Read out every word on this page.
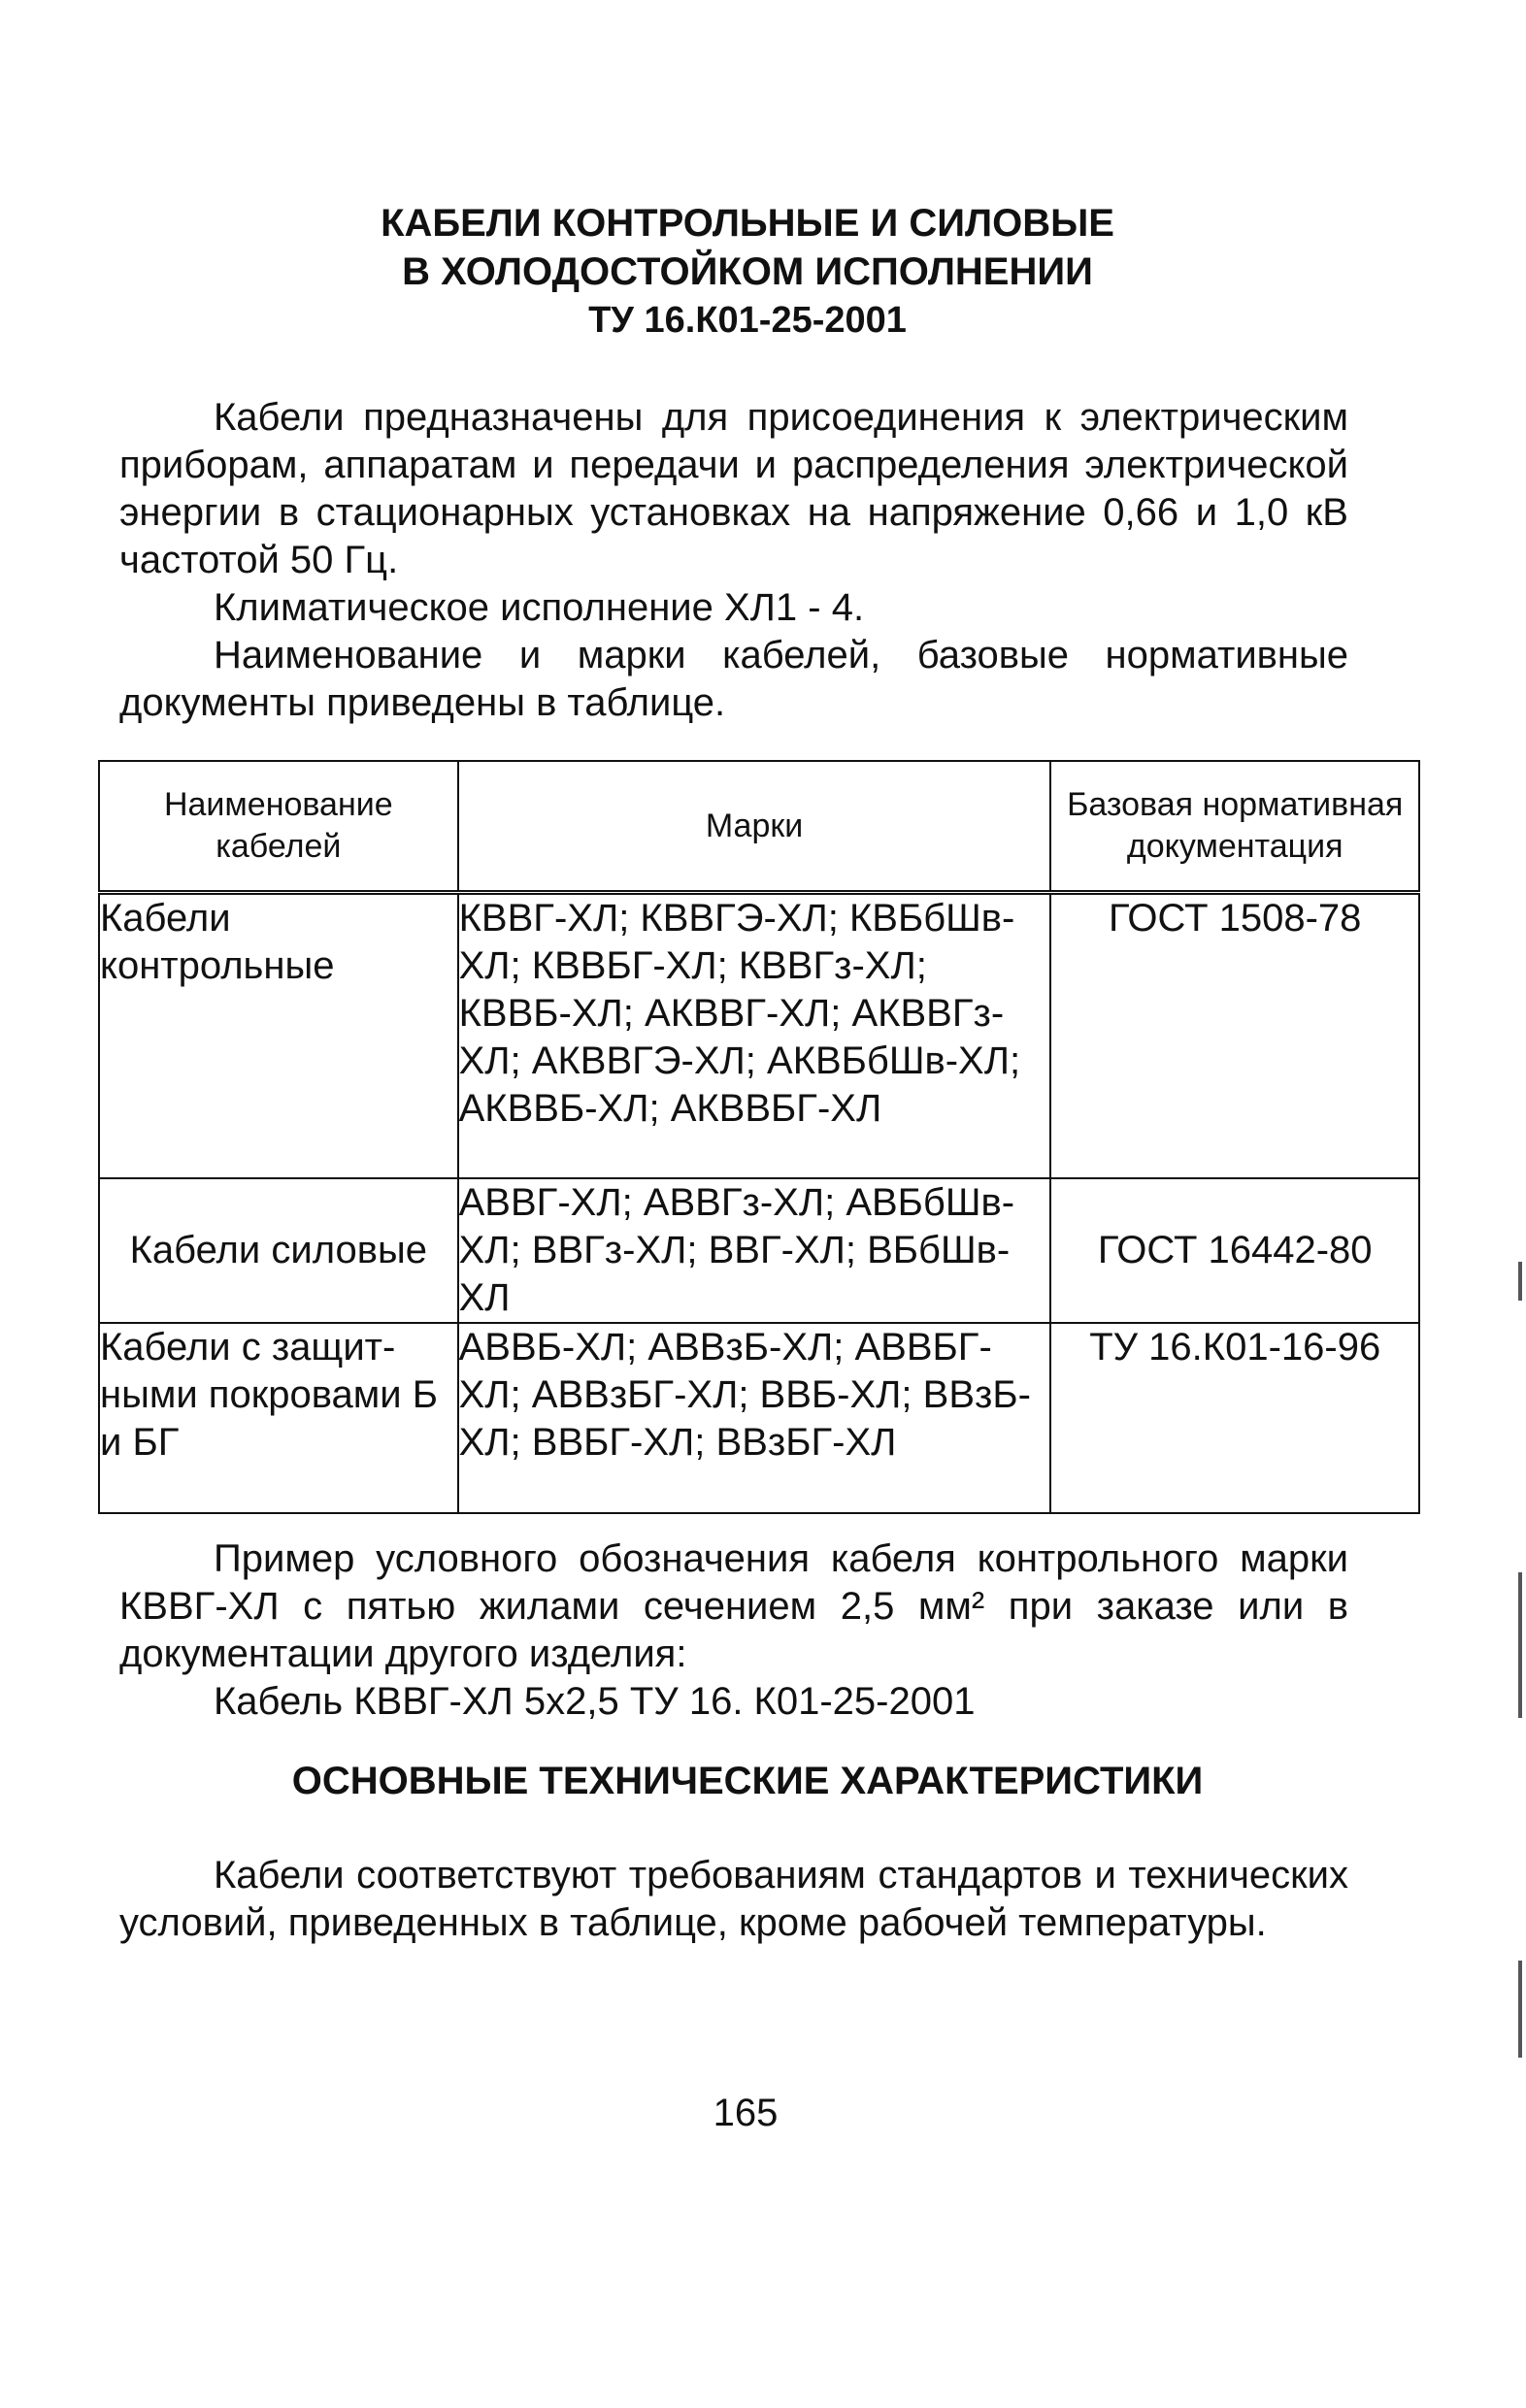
КАБЕЛИ КОНТРОЛЬНЫЕ И СИЛОВЫЕ
В ХОЛОДОСТОЙКОМ ИСПОЛНЕНИИ
ТУ 16.К01-25-2001

Кабели предназначены для присоединения к электрическим приборам, аппаратам и передачи и распределения электрической энергии в стационарных установках на напряжение 0,66 и 1,0 кВ частотой 50 Гц.

Климатическое исполнение ХЛ1 - 4.

Наименование и марки кабелей, базовые нормативные документы приведены в таблице.

Наименование кабелей	Марки	Базовая нормативная документация
Кабели контрольные	КВВГ-ХЛ; КВВГЭ-ХЛ; КВБбШв-ХЛ; КВВБГ-ХЛ; КВВГз-ХЛ; КВВБ-ХЛ; АКВВГ-ХЛ; АКВВГз-ХЛ; АКВВГЭ-ХЛ; АКВБбШв-ХЛ; АКВВБ-ХЛ; АКВВБГ-ХЛ	ГОСТ 1508-78
Кабели силовые	АВВГ-ХЛ; АВВГз-ХЛ; АВБбШв-ХЛ; ВВГз-ХЛ; ВВГ-ХЛ; ВБбШв-ХЛ	ГОСТ 16442-80
Кабели с защит-ными покровами Б и БГ	АВВБ-ХЛ; АВВзБ-ХЛ; АВВБГ-ХЛ; АВВзБГ-ХЛ; ВВБ-ХЛ; ВВзБ-ХЛ; ВВБГ-ХЛ; ВВзБГ-ХЛ	ТУ 16.К01-16-96

Пример условного обозначения кабеля контрольного марки КВВГ-ХЛ с пятью жилами сечением 2,5 мм² при заказе или в документации другого изделия:

Кабель КВВГ-ХЛ 5х2,5 ТУ 16. К01-25-2001

ОСНОВНЫЕ ТЕХНИЧЕСКИЕ ХАРАКТЕРИСТИКИ

Кабели соответствуют требованиям стандартов и технических условий, приведенных в таблице, кроме рабочей температуры.

165
